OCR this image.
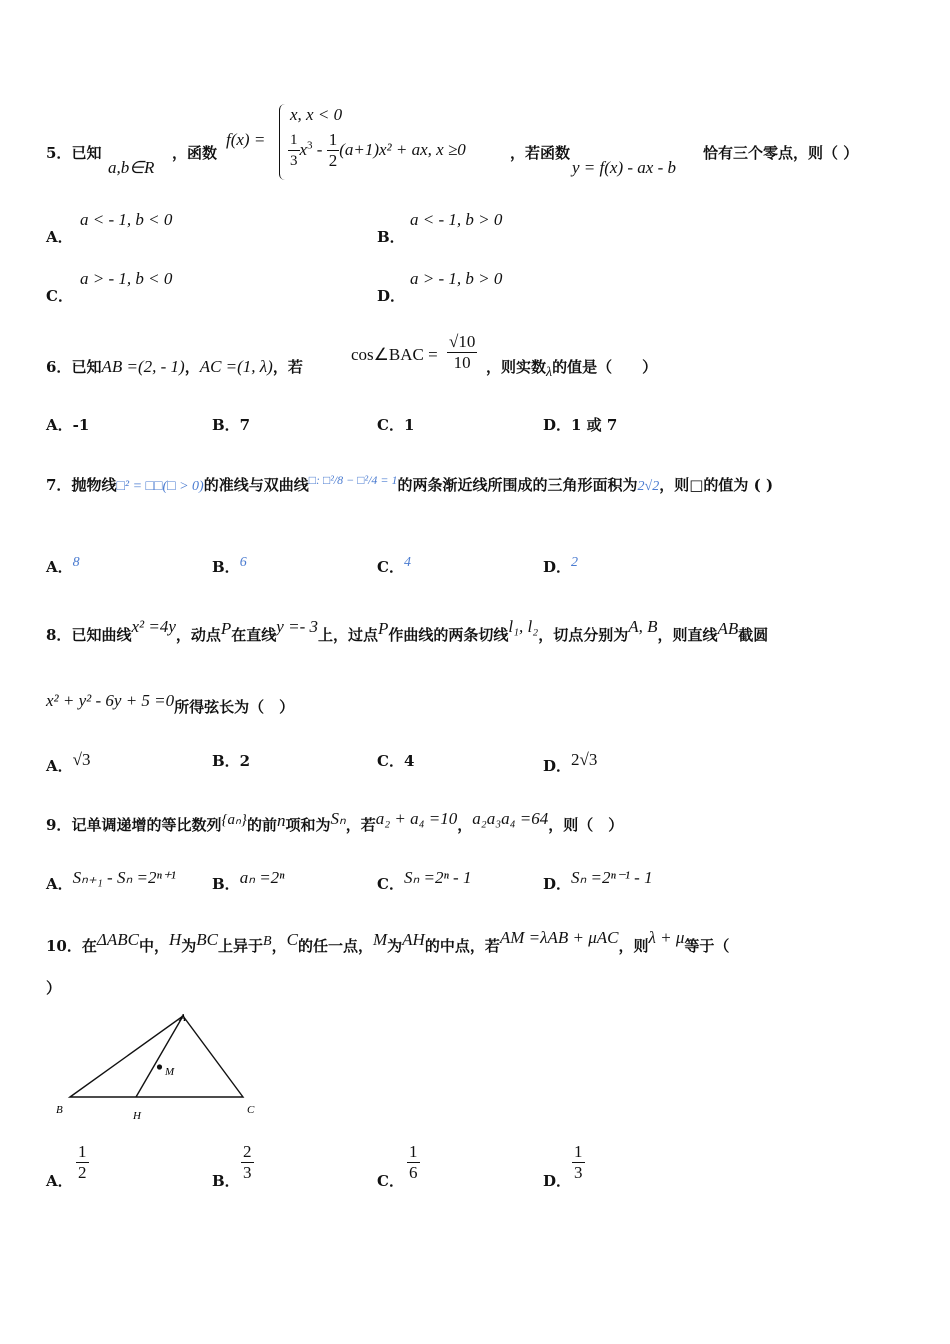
5．已知
a,b∈R
，函数
f(x) =
x, x < 0
$\frac{1}{3} x^3 - \frac{1}{2} (a+1)x^2$ + ax, x ≥0	，若函数
y = f(x) - ax - b
恰有三个零点，则（ ）
A．
a < - 1, b < 0
B．
a < - 1, b > 0
C．
a > - 1, b < 0
D．
a > - 1, b > 0
6．已知AB =(2, - 1)，AC =(1, λ)，若
cos∠BAC = $\frac{√10}{10}$ ，则实数λ的值是（　　）
A．-1	B．7	C．1	D．1 或 7
7．抛物线□² = □□(□ > 0)的准线与双曲线$^{□: □^2/8 - □^2/4 = 1}$的两条渐近线所围成的三角形面积为2√2，则□的值为 ( )
A．8	B．6	C．4	D．2
8．已知曲线x² =4y，动点P在直线y =- 3上，过点P作曲线的两条切线l₁, l₂，切点分别为A, B，则直线AB截圆
x² + y² - 6y + 5 =0所得弦长为（　）
A．√3	B．2	C．4	D．2√3
9．记单调递增的等比数列{aₙ}的前n项和为Sₙ，若a₂ + a₄ =10，a₂a₃a₄ =64，则（　）
A．Sₙ₊₁ - Sₙ =2ⁿ⁺¹ B．aₙ =2ⁿ	C．Sₙ =2ⁿ - 1	D．Sₙ =2ⁿ⁻¹ - 1
10．在ΔABC中，H为BC上异于B，C的任一点，M为AH的中点，若AM =λAB + μAC，则λ + μ等于（
）
A
B	C
H
M
A． $\frac{1}{2}$	B． $\frac{2}{3}$	C． $\frac{1}{6}$	D． $\frac{1}{3}$
